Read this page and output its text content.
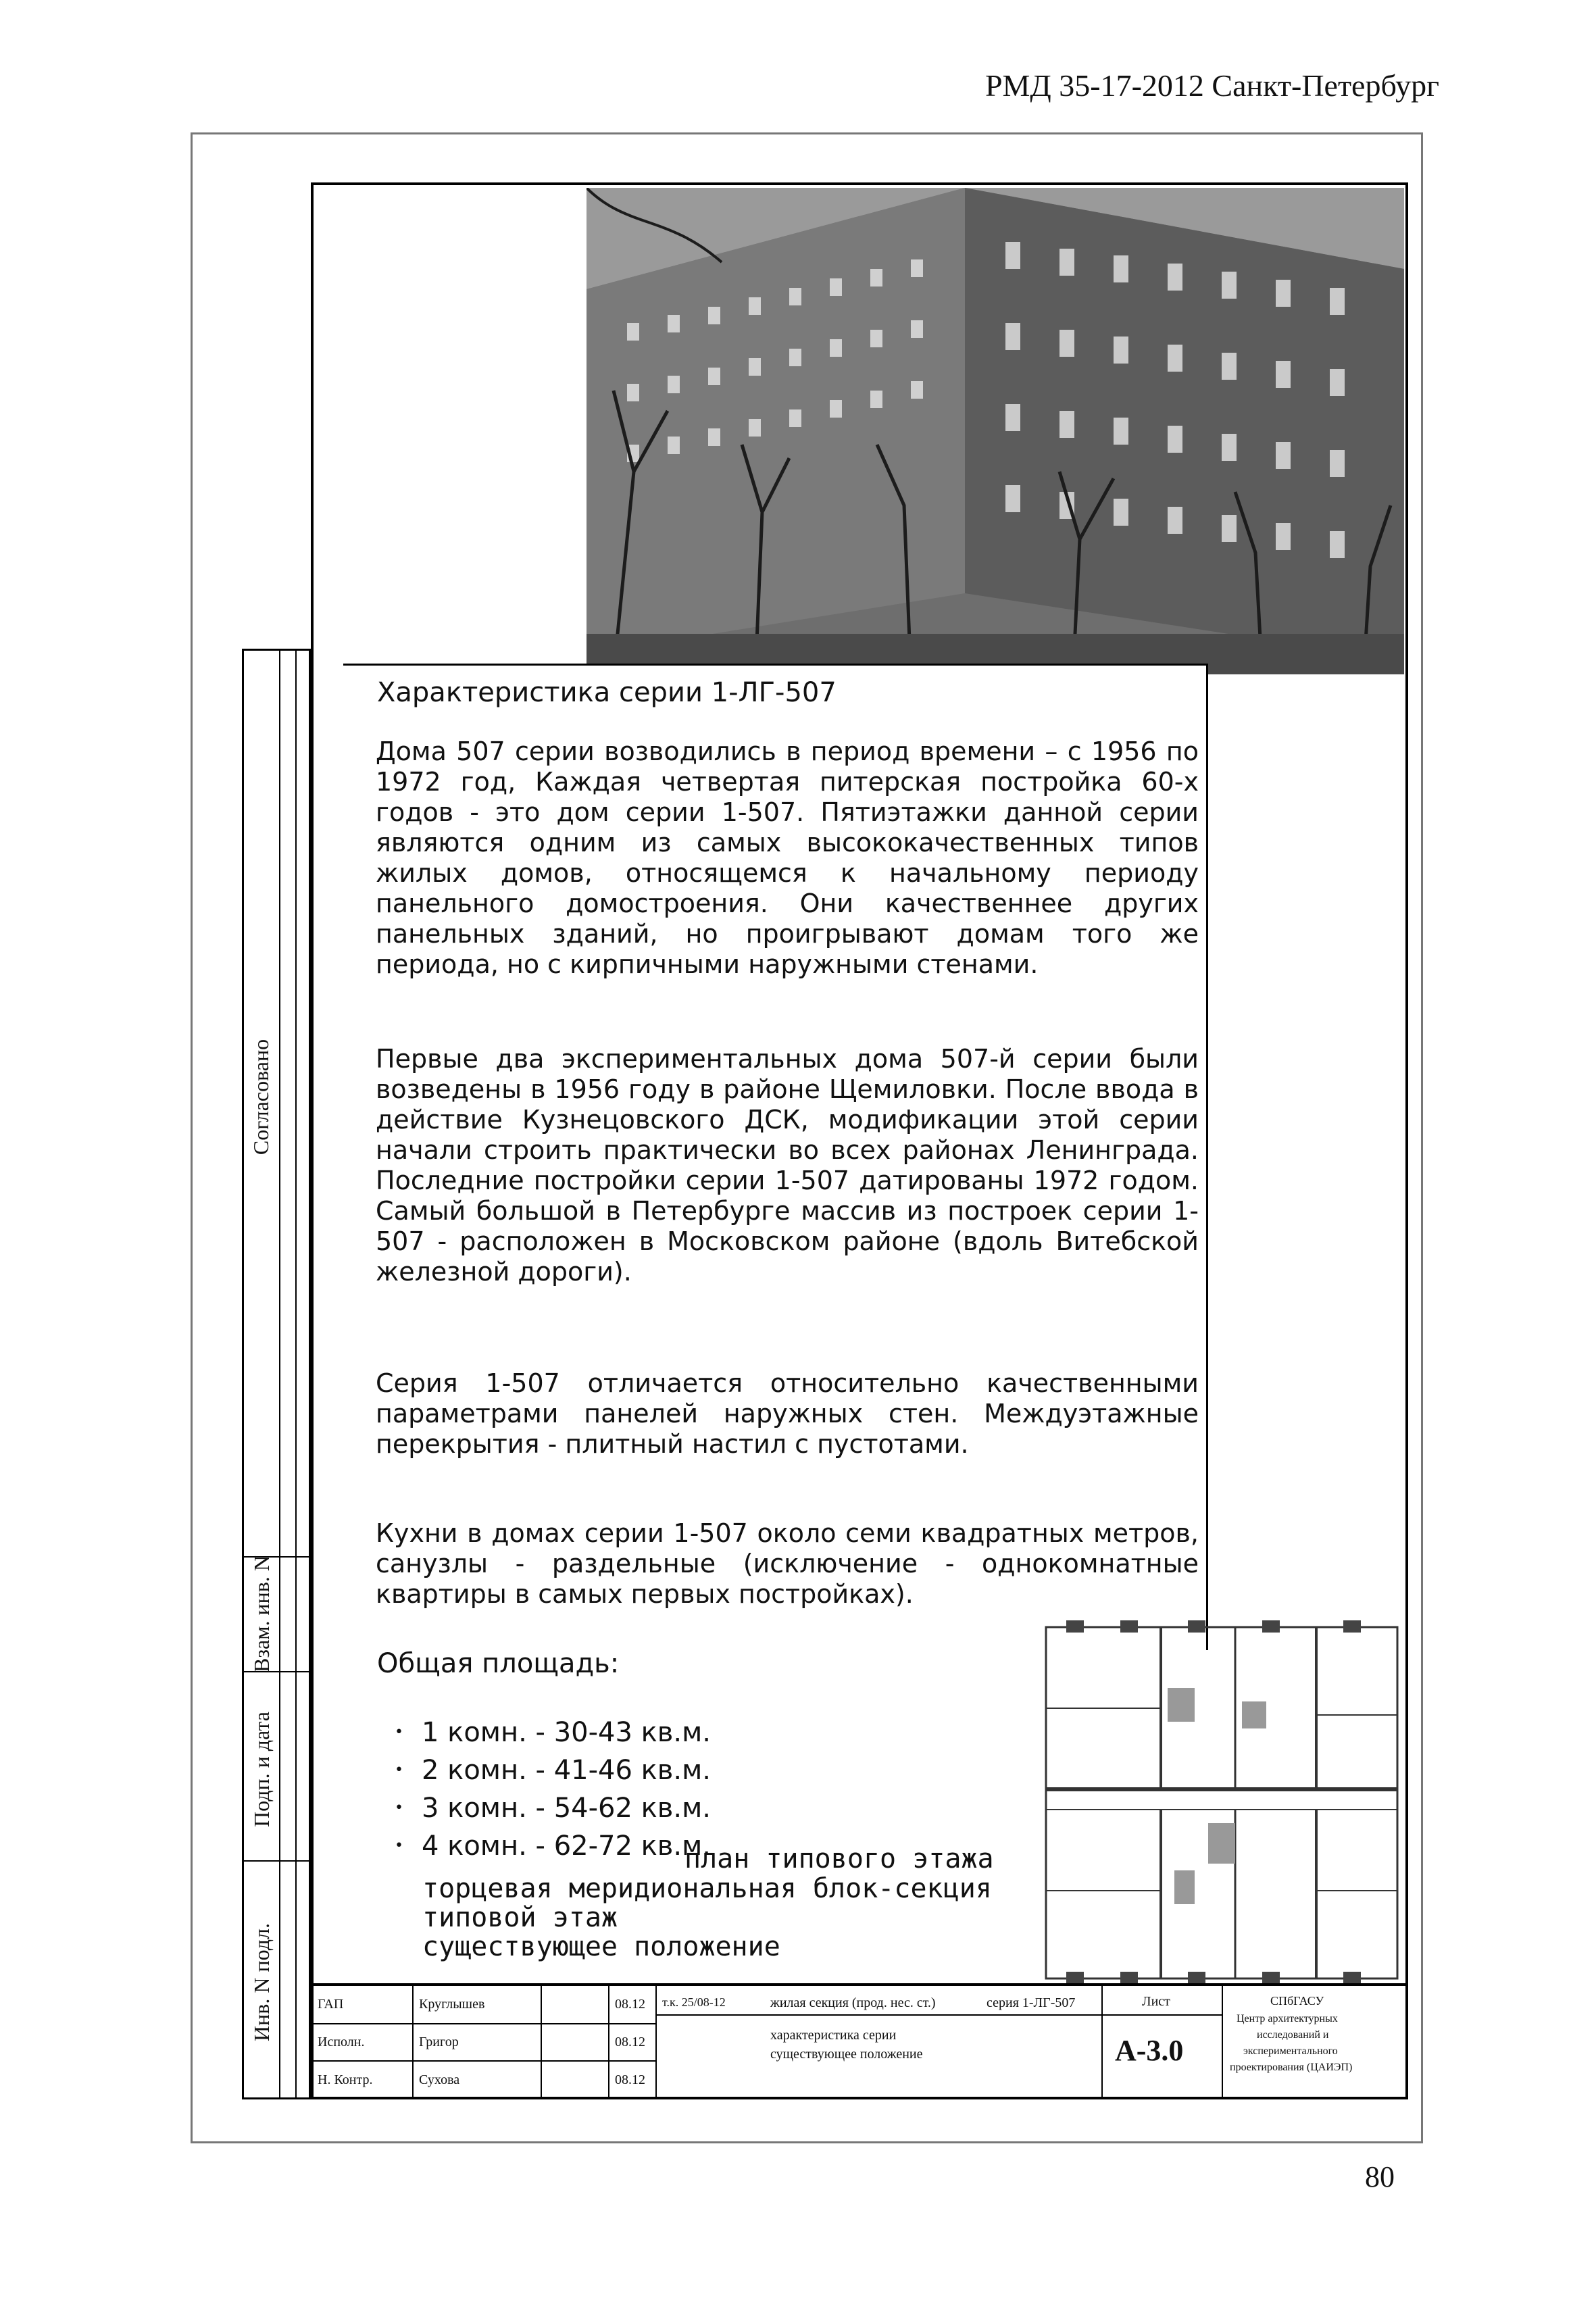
РМД 35-17-2012 Санкт-Петербург
Инв. N подл.
Подп. и дата
Взам. инв. N
Согласовано
Характеристика серии 1-ЛГ-507
Дома 507 серии возводились в период времени – с 1956 по 1972 год, Каждая четвертая питерская постройка 60-х годов - это дом серии 1-507. Пятиэтажки данной серии являются одним из самых высококачественных типов жилых домов, относящемся к начальному периоду панельного домостроения. Они качественнее других панельных зданий, но проигрывают домам того же периода, но с кирпичными наружными стенами.
Первые два экспериментальных дома 507-й серии были возведены в 1956 году в районе Щемиловки. После ввода в действие Кузнецовского ДСК, модификации этой серии начали строить практически во всех районах Ленинграда. Последние постройки серии 1-507 датированы 1972 годом. Самый большой в Петербурге массив из построек серии 1-507 - расположен в Московском районе (вдоль Витебской железной дороги).
Серия 1-507 отличается относительно качественными параметрами панелей наружных стен. Междуэтажные перекрытия - плитный настил с пустотами.
Кухни в домах серии 1-507 около семи квадратных метров, санузлы - раздельные (исключение - однокомнатные квартиры в самых первых постройках).
Общая площадь:
• 1 комн. - 30-43 кв.м.
• 2 комн. - 41-46 кв.м.
• 3 комн. - 54-62 кв.м.
• 4 комн. - 62-72 кв.м.
план типового этажа
торцевая меридиональная блок-секция
типовой этаж
существующее положение
ГАП	Круглышев	08.12
Исполн.	Григор	08.12
Н. Контр.	Сухова	08.12
т.к. 25/08-12	жилая секция (прод. нес. ст.)	серия 1-ЛГ-507
характеристика серии
существующее положение
Лист
А-3.0
СПбГАСУ
Центр архитектурных
исследований и
экспериментального
проектирования (ЦАИЭП)
80
